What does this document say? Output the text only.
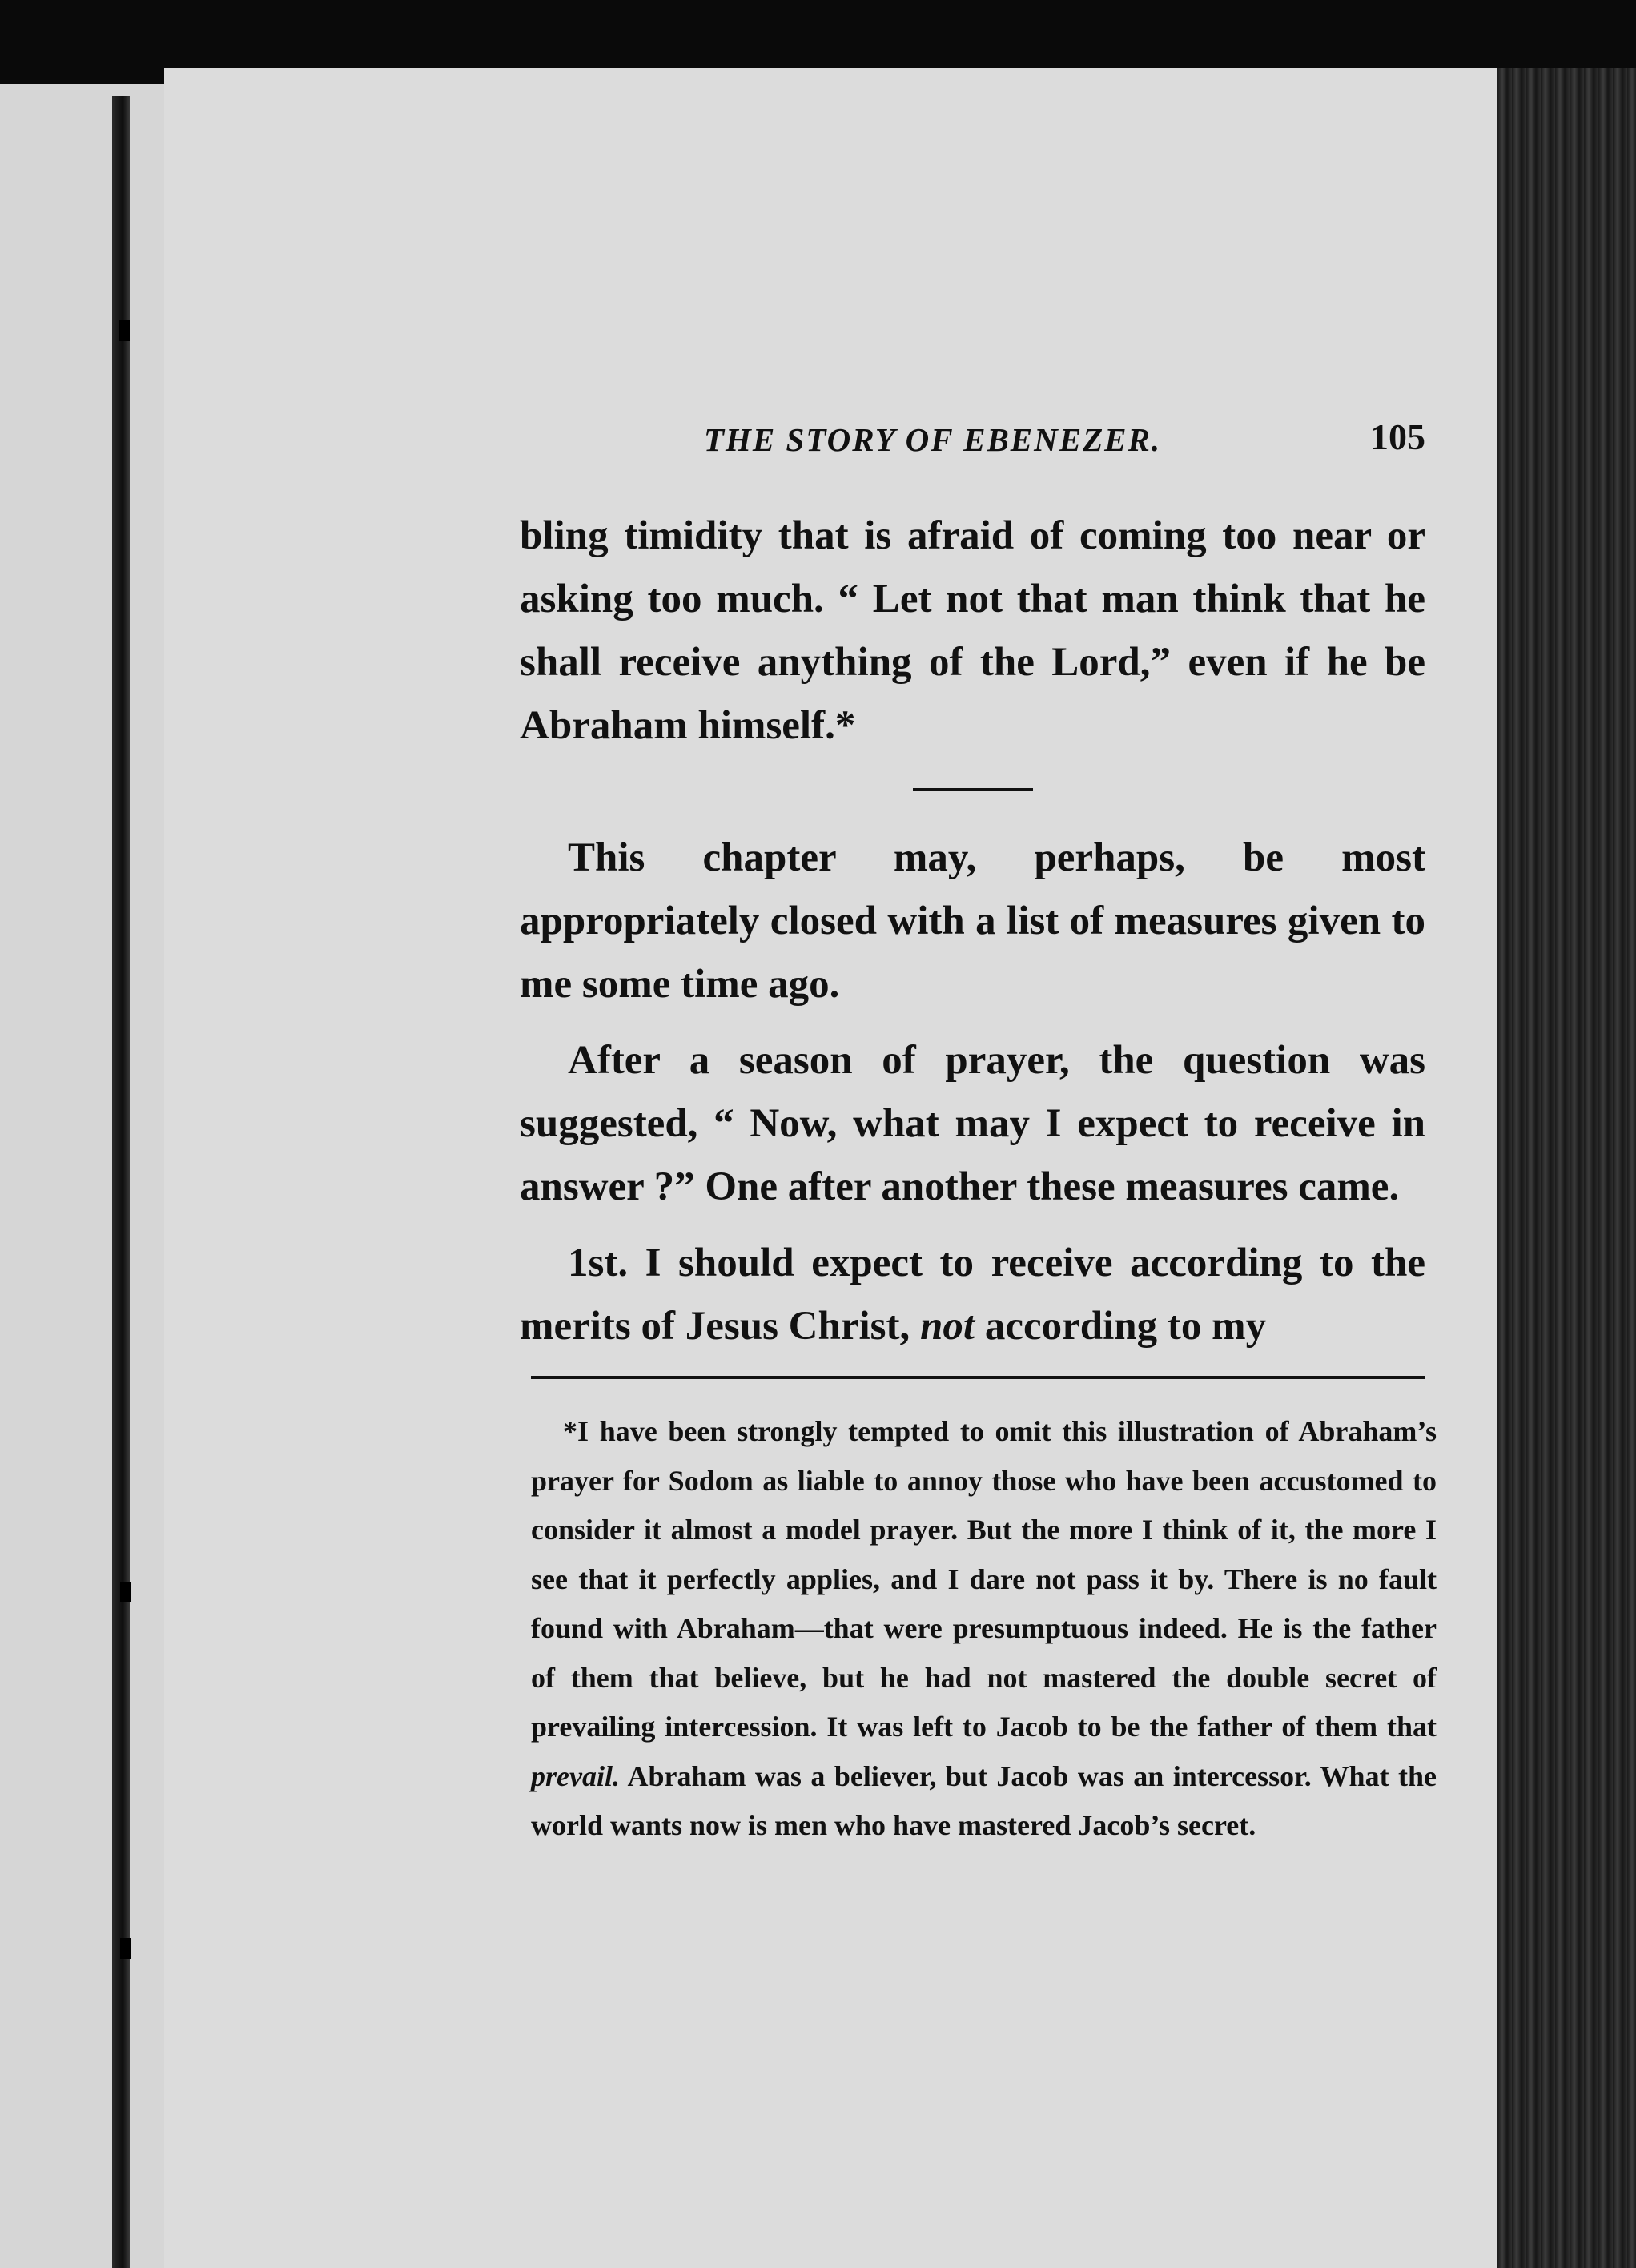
THE STORY OF EBENEZER.	105

bling timidity that is afraid of coming too near or asking too much. “ Let not that man think that he shall receive anything of the Lord,” even if he be Abraham himself.*

This chapter may, perhaps, be most appropriately closed with a list of measures given to me some time ago.

After a season of prayer, the question was suggested, “ Now, what may I expect to receive in answer ?” One after another these measures came.

1st. I should expect to receive according to the merits of Jesus Christ, not according to my

*I have been strongly tempted to omit this illustration of Abraham’s prayer for Sodom as liable to annoy those who have been accustomed to consider it almost a model prayer. But the more I think of it, the more I see that it perfectly applies, and I dare not pass it by. There is no fault found with Abraham—that were presumptuous indeed. He is the father of them that believe, but he had not mastered the double secret of prevailing intercession. It was left to Jacob to be the father of them that prevail. Abraham was a believer, but Jacob was an intercessor. What the world wants now is men who have mastered Jacob’s secret.
